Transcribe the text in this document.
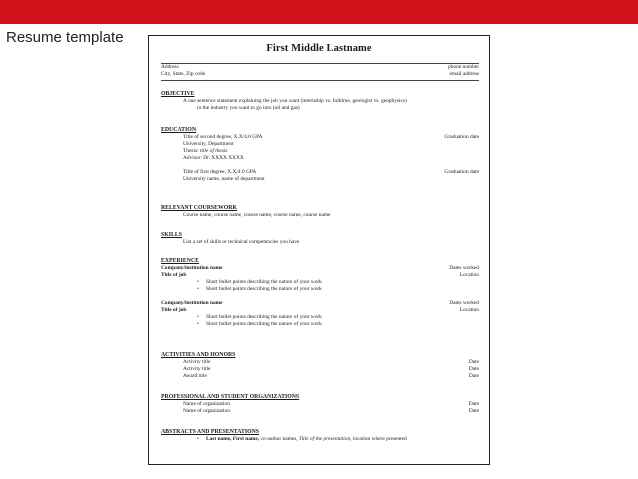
Resume template
First Middle Lastname
Address	phone number
City, State, Zip code	email address
OBJECTIVE
A one sentence statement explaining the job you want (internship vs. fulltime, geologist vs. geophysics)
in the industry you want to go into (oil and gas)
EDUCATION
Title of second degree, X.X/4.0 GPA	Graduation date
University, Department
Thesis: title of thesis
Advisor: Dr. XXXX XXXX
Title of first degree, X.X/4.0 GPA	Graduation date
University name, name of department
RELEVANT COURSEWORK
Course name, course name, course name, course name, course name
SKILLS
List a set of skills or technical competencies you have
EXPERIENCE
Company/institution name	Dates worked
Title of job	Location
• Short bullet points describing the nature of your work
• Short bullet points describing the nature of your work
Company/institution name	Dates worked
Title of job	Location
• Short bullet points describing the nature of your work
• Short bullet points describing the nature of your work
ACTIVITIES AND HONORS
Activity title	Date
Activity title	Date
Award title	Date
PROFESSIONAL AND STUDENT ORGANIZATIONS
Name of organization	Date
Name of organization	Date
ABSTRACTS AND PRESENTATIONS
• Last name, First name, co-author names, Title of the presentation, location where presented
